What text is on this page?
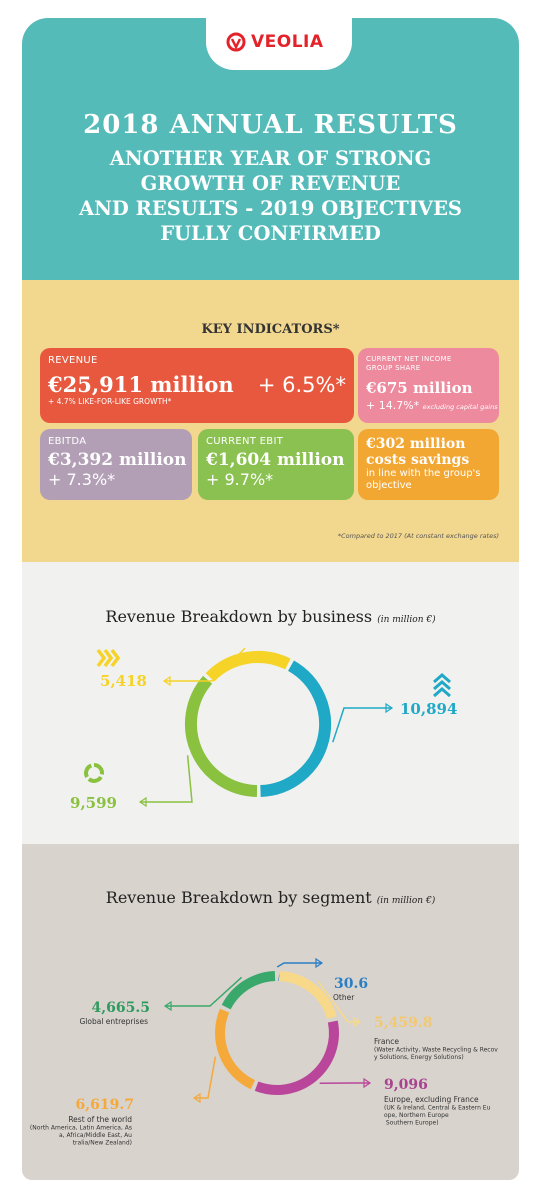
VEOLIA
2018 ANNUAL RESULTS
ANOTHER YEAR OF STRONG
GROWTH OF REVENUE
AND RESULTS - 2019 OBJECTIVES
FULLY CONFIRMED
KEY INDICATORS*
REVENUE
€25,911 million + 6.5%*
+ 4.7% LIKE-FOR-LIKE GROWTH*
CURRENT NET INCOME GROUP SHARE
€675 million
+ 14.7%* excluding capital gains
EBITDA
€3,392 million
+ 7.3%*
CURRENT EBIT
€1,604 million
+ 9.7%*
€302 million
costs savings
in line with the group's objective
*Compared to 2017 (At constant exchange rates)
Revenue Breakdown by business (in million €)
10,894
9,599
5,418
Revenue Breakdown by segment (in million €)
30.6
5,459.8
9,096
6,619.7
4,665.5
Other
France (Water Activity, Waste Recycling & Recov y Solutions, Energy Solutions)
Europe, excluding France (UK & Ireland, Central & Eastern Eu ope, Northern Europe Southern Europe)
Rest of the world (North America, Latin America, As a, Africa/Middle East, Au tralia/New Zealand)
Global entreprises
